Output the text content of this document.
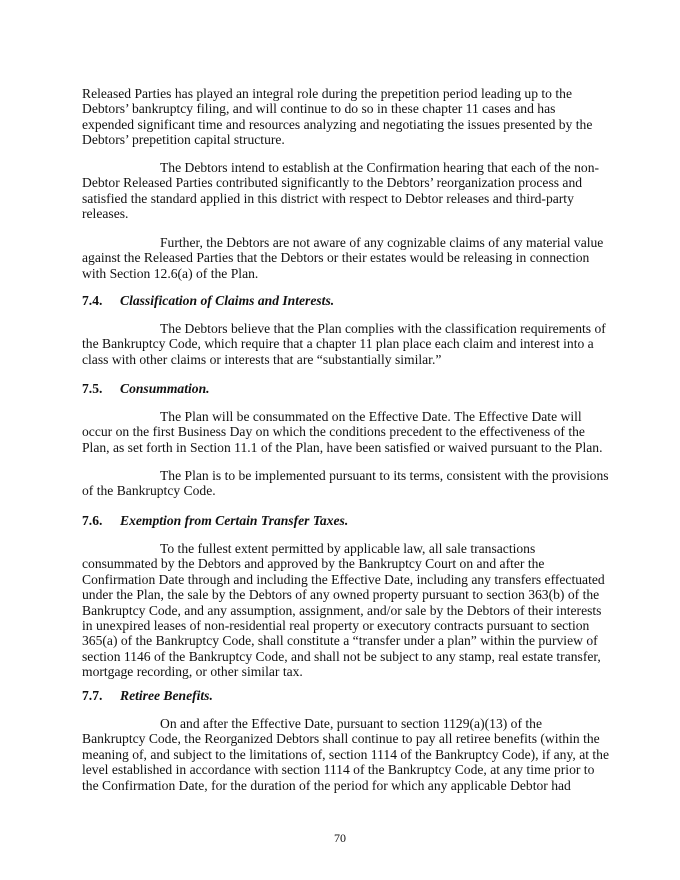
Released Parties has played an integral role during the prepetition period leading up to the
Debtors’ bankruptcy filing, and will continue to do so in these chapter 11 cases and has
expended significant time and resources analyzing and negotiating the issues presented by the
Debtors’ prepetition capital structure.
The Debtors intend to establish at the Confirmation hearing that each of the non-
Debtor Released Parties contributed significantly to the Debtors’ reorganization process and
satisfied the standard applied in this district with respect to Debtor releases and third-party
releases.
Further, the Debtors are not aware of any cognizable claims of any material value
against the Released Parties that the Debtors or their estates would be releasing in connection
with Section 12.6(a) of the Plan.
7.4. Classification of Claims and Interests.
The Debtors believe that the Plan complies with the classification requirements of
the Bankruptcy Code, which require that a chapter 11 plan place each claim and interest into a
class with other claims or interests that are “substantially similar.”
7.5. Consummation.
The Plan will be consummated on the Effective Date. The Effective Date will
occur on the first Business Day on which the conditions precedent to the effectiveness of the
Plan, as set forth in Section 11.1 of the Plan, have been satisfied or waived pursuant to the Plan.
The Plan is to be implemented pursuant to its terms, consistent with the provisions
of the Bankruptcy Code.
7.6. Exemption from Certain Transfer Taxes.
To the fullest extent permitted by applicable law, all sale transactions
consummated by the Debtors and approved by the Bankruptcy Court on and after the
Confirmation Date through and including the Effective Date, including any transfers effectuated
under the Plan, the sale by the Debtors of any owned property pursuant to section 363(b) of the
Bankruptcy Code, and any assumption, assignment, and/or sale by the Debtors of their interests
in unexpired leases of non-residential real property or executory contracts pursuant to section
365(a) of the Bankruptcy Code, shall constitute a “transfer under a plan” within the purview of
section 1146 of the Bankruptcy Code, and shall not be subject to any stamp, real estate transfer,
mortgage recording, or other similar tax.
7.7. Retiree Benefits.
On and after the Effective Date, pursuant to section 1129(a)(13) of the
Bankruptcy Code, the Reorganized Debtors shall continue to pay all retiree benefits (within the
meaning of, and subject to the limitations of, section 1114 of the Bankruptcy Code), if any, at the
level established in accordance with section 1114 of the Bankruptcy Code, at any time prior to
the Confirmation Date, for the duration of the period for which any applicable Debtor had
70
